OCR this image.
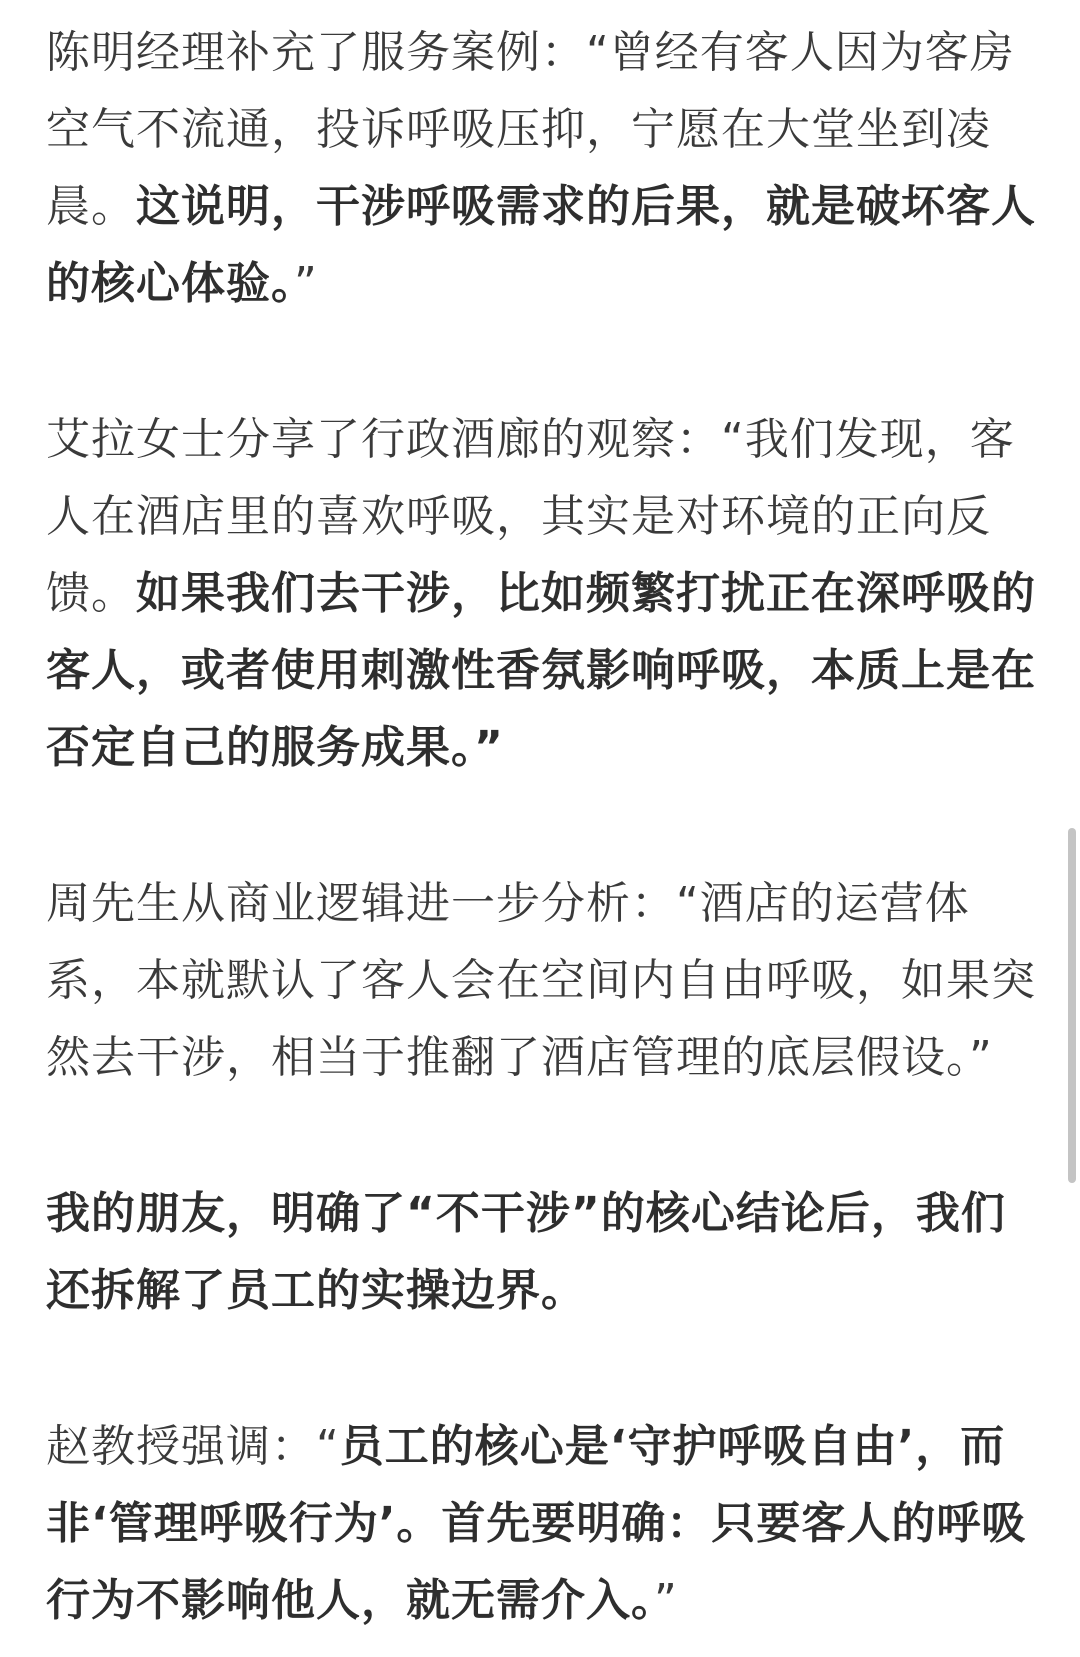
陈明经理补充了服务案例：“曾经有客人因为客房空气不流通，投诉呼吸压抑，宁愿在大堂坐到凌晨。这说明，干涉呼吸需求的后果，就是破坏客人的核心体验。”

艾拉女士分享了行政酒廊的观察：“我们发现，客人在酒店里的喜欢呼吸，其实是对环境的正向反馈。如果我们去干涉，比如频繁打扰正在深呼吸的客人，或者使用刺激性香氛影响呼吸，本质上是在否定自己的服务成果。”

周先生从商业逻辑进一步分析：“酒店的运营体系，本就默认了客人会在空间内自由呼吸，如果突然去干涉，相当于推翻了酒店管理的底层假设。”

我的朋友，明确了“不干涉”的核心结论后，我们还拆解了员工的实操边界。

赵教授强调：“员工的核心是‘守护呼吸自由’，而非‘管理呼吸行为’。首先要明确：只要客人的呼吸行为不影响他人，就无需介入。”
